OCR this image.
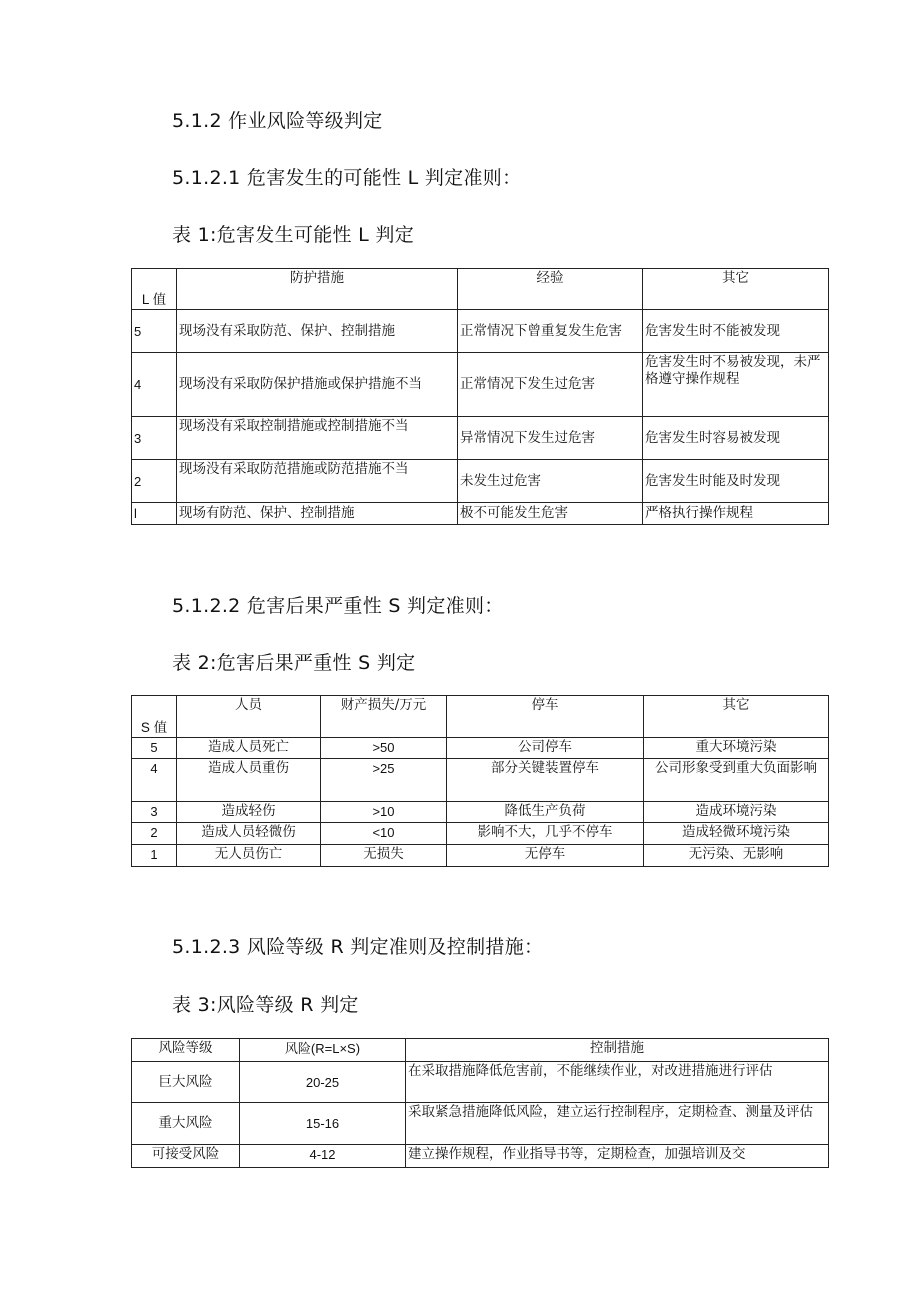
5.1.2 作业风险等级判定
5.1.2.1 危害发生的可能性 L 判定准则：
表 1:危害发生可能性 L 判定
L 值	防护措施	经验	其它
5	现场没有采取防范、保护、控制措施	正常情况下曾重复发生危害	危害发生时不能被发现
4	现场没有采取防保护措施或保护措施不当	正常情况下发生过危害	危害发生时不易被发现，未严格遵守操作规程
3	现场没有采取控制措施或控制措施不当	异常情况下发生过危害	危害发生时容易被发现
2	现场没有采取防范措施或防范措施不当	未发生过危害	危害发生时能及时发现
l	现场有防范、保护、控制措施	极不可能发生危害	严格执行操作规程
5.1.2.2 危害后果严重性 S 判定准则：
表 2:危害后果严重性 S 判定
S 值	人员	财产损失/万元	停车	其它
5	造成人员死亡	>50	公司停车	重大环境污染
4	造成人员重伤	>25	部分关键装置停车	公司形象受到重大负面影响
3	造成轻伤	>10	降低生产负荷	造成环境污染
2	造成人员轻微伤	<10	影响不大，几乎不停车	造成轻微环境污染
1	无人员伤亡	无损失	无停车	无污染、无影响
5.1.2.3 风险等级 R 判定准则及控制措施：
表 3:风险等级 R 判定
风险等级	风险(R=L×S)	控制措施
巨大风险	20-25	在采取措施降低危害前，不能继续作业，对改进措施进行评估
重大风险	15-16	采取紧急措施降低风险，建立运行控制程序，定期检查、测量及评估
可接受风险	4-12	建立操作规程，作业指导书等，定期检查，加强培训及交
